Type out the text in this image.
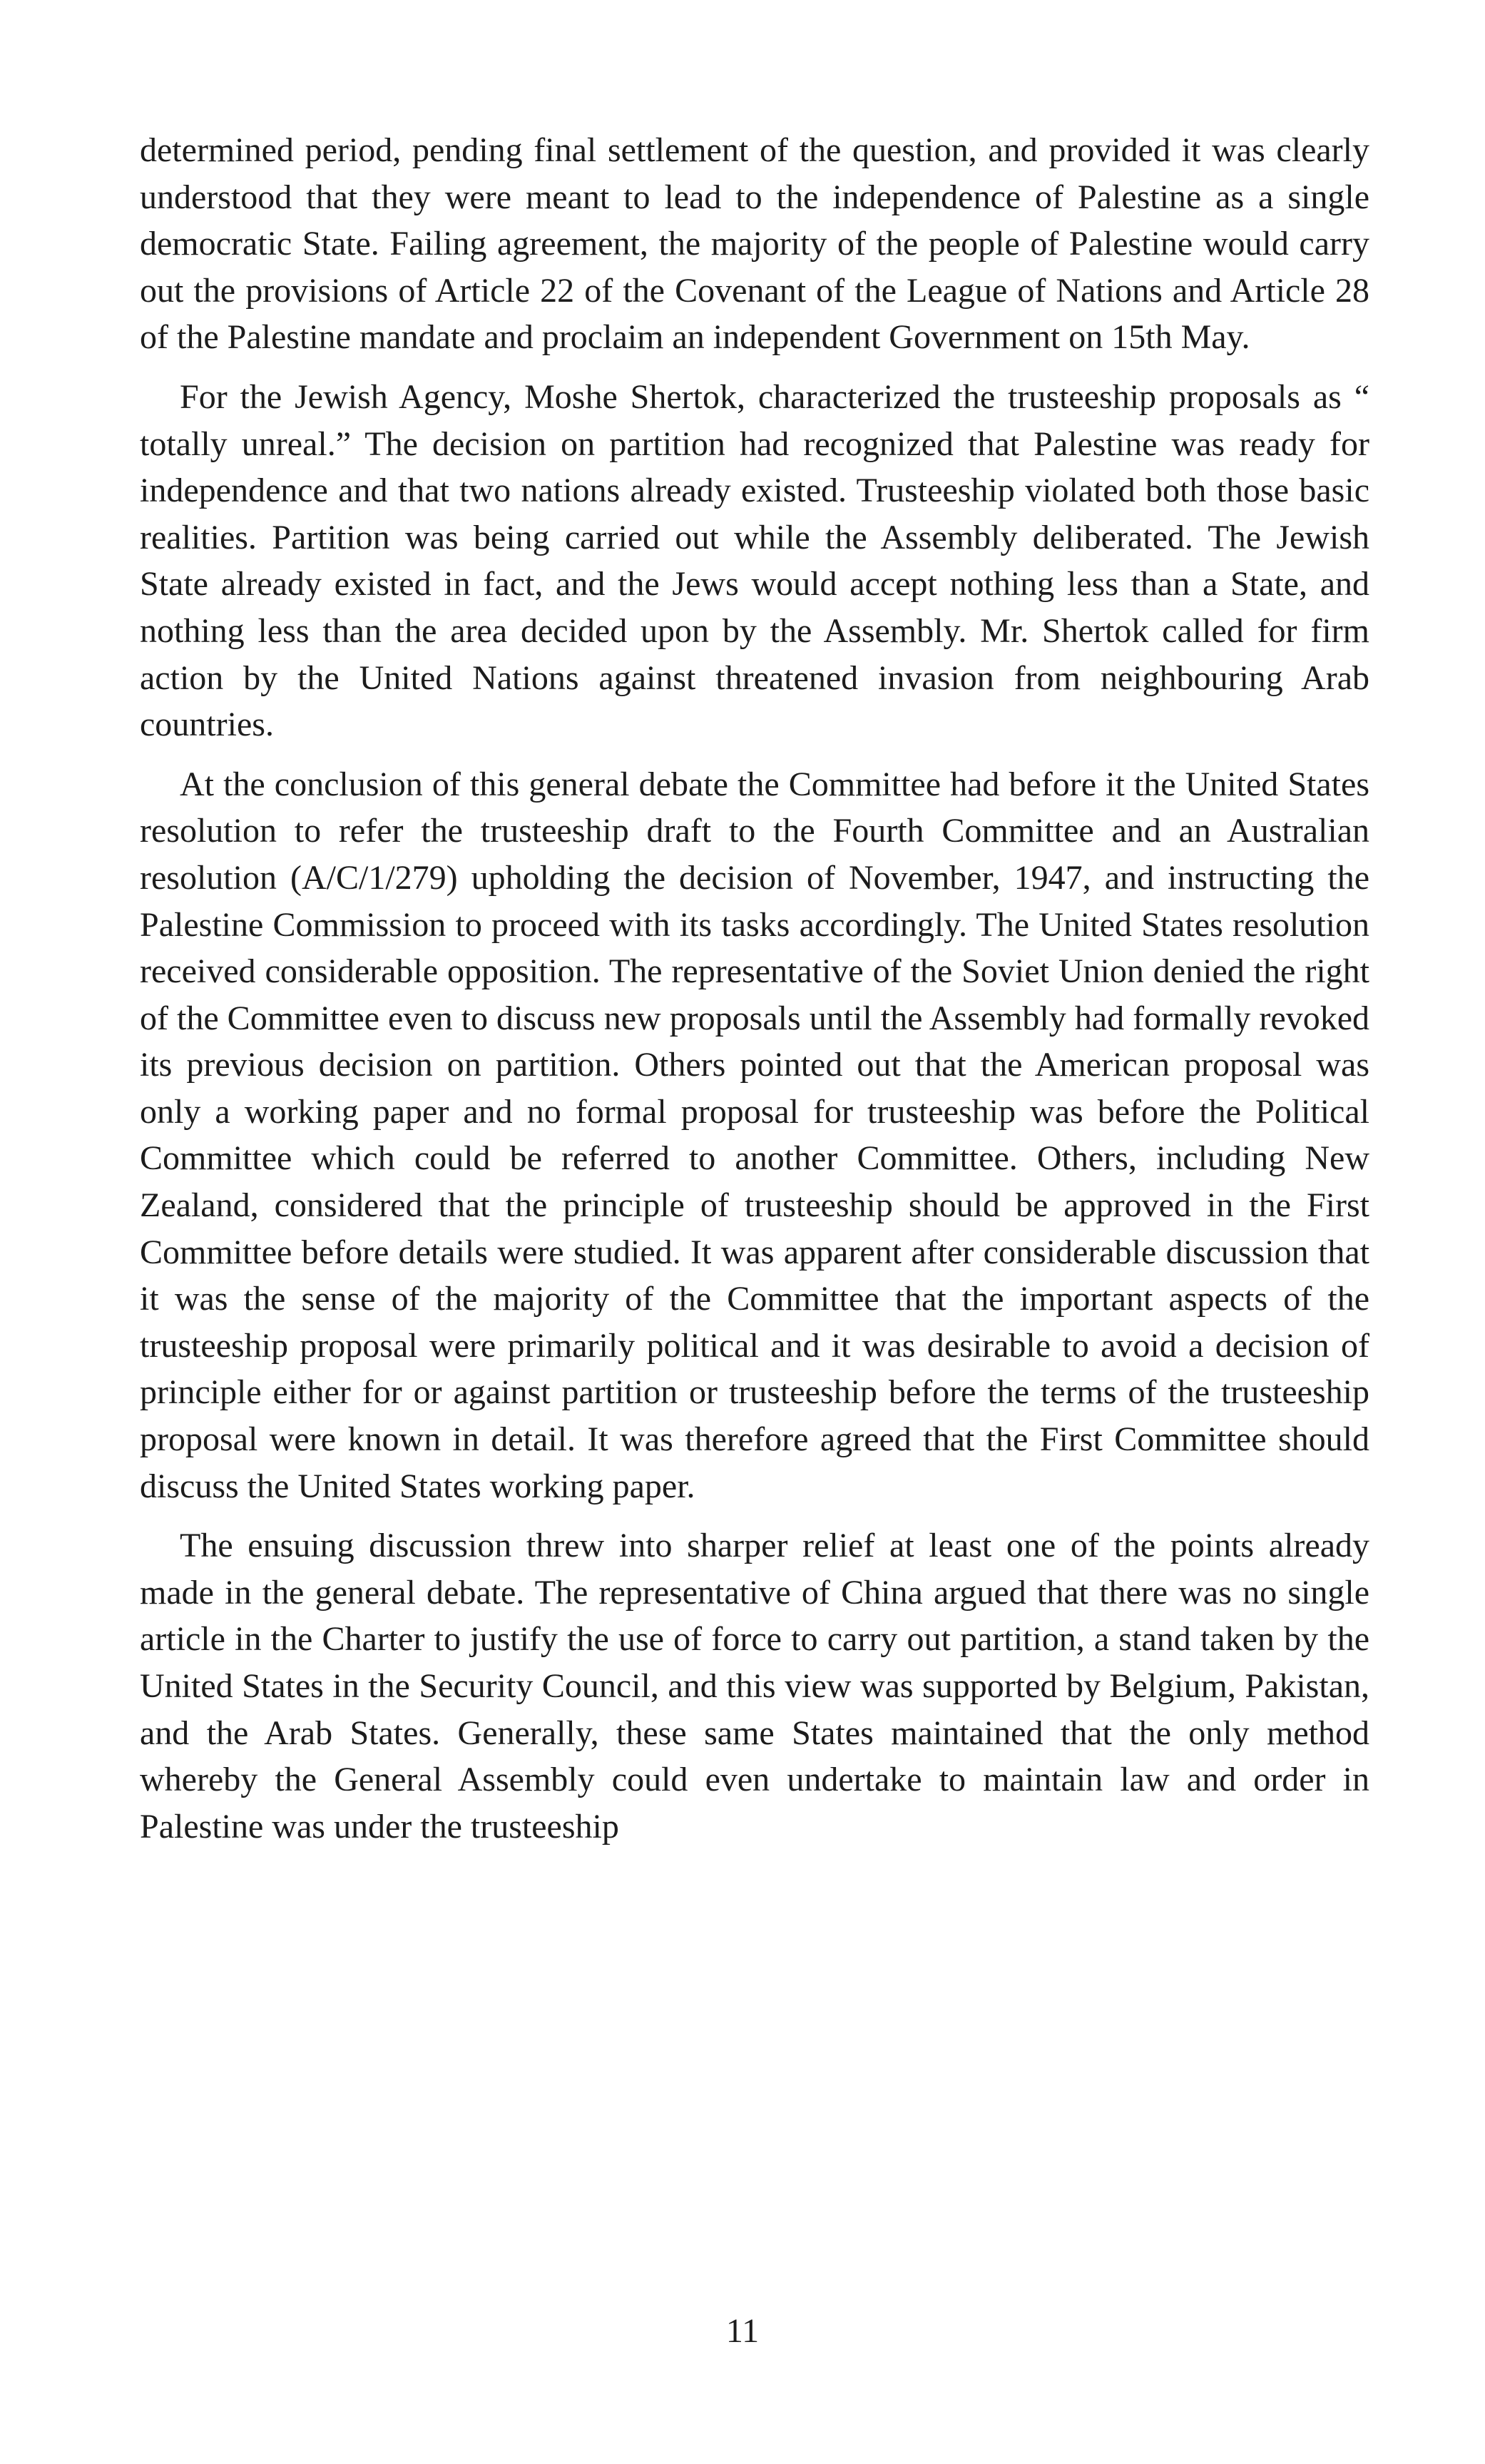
determined period, pending final settlement of the question, and provided it was clearly understood that they were meant to lead to the independence of Palestine as a single democratic State. Failing agreement, the majority of the people of Palestine would carry out the provisions of Article 22 of the Covenant of the League of Nations and Article 28 of the Palestine mandate and proclaim an independent Government on 15th May.

For the Jewish Agency, Moshe Shertok, characterized the trusteeship proposals as “ totally unreal.” The decision on partition had recognized that Palestine was ready for independence and that two nations already existed. Trusteeship violated both those basic realities. Partition was being carried out while the Assembly deliberated. The Jewish State already existed in fact, and the Jews would accept nothing less than a State, and nothing less than the area decided upon by the Assembly. Mr. Shertok called for firm action by the United Nations against threatened invasion from neighbouring Arab countries.

At the conclusion of this general debate the Committee had before it the United States resolution to refer the trusteeship draft to the Fourth Committee and an Australian resolution (A/C/1/279) upholding the decision of November, 1947, and instructing the Palestine Commission to proceed with its tasks accordingly. The United States resolution received considerable opposition. The representative of the Soviet Union denied the right of the Committee even to discuss new proposals until the Assembly had formally revoked its previous decision on partition. Others pointed out that the American proposal was only a working paper and no formal proposal for trusteeship was before the Political Committee which could be referred to another Committee. Others, including New Zealand, considered that the principle of trusteeship should be approved in the First Committee before details were studied. It was apparent after considerable discussion that it was the sense of the majority of the Committee that the important aspects of the trusteeship proposal were primarily political and it was desirable to avoid a decision of principle either for or against partition or trusteeship before the terms of the trusteeship proposal were known in detail. It was therefore agreed that the First Committee should discuss the United States working paper.

The ensuing discussion threw into sharper relief at least one of the points already made in the general debate. The representative of China argued that there was no single article in the Charter to justify the use of force to carry out partition, a stand taken by the United States in the Security Council, and this view was supported by Belgium, Pakistan, and the Arab States. Generally, these same States maintained that the only method whereby the General Assembly could even undertake to maintain law and order in Palestine was under the trusteeship

11
